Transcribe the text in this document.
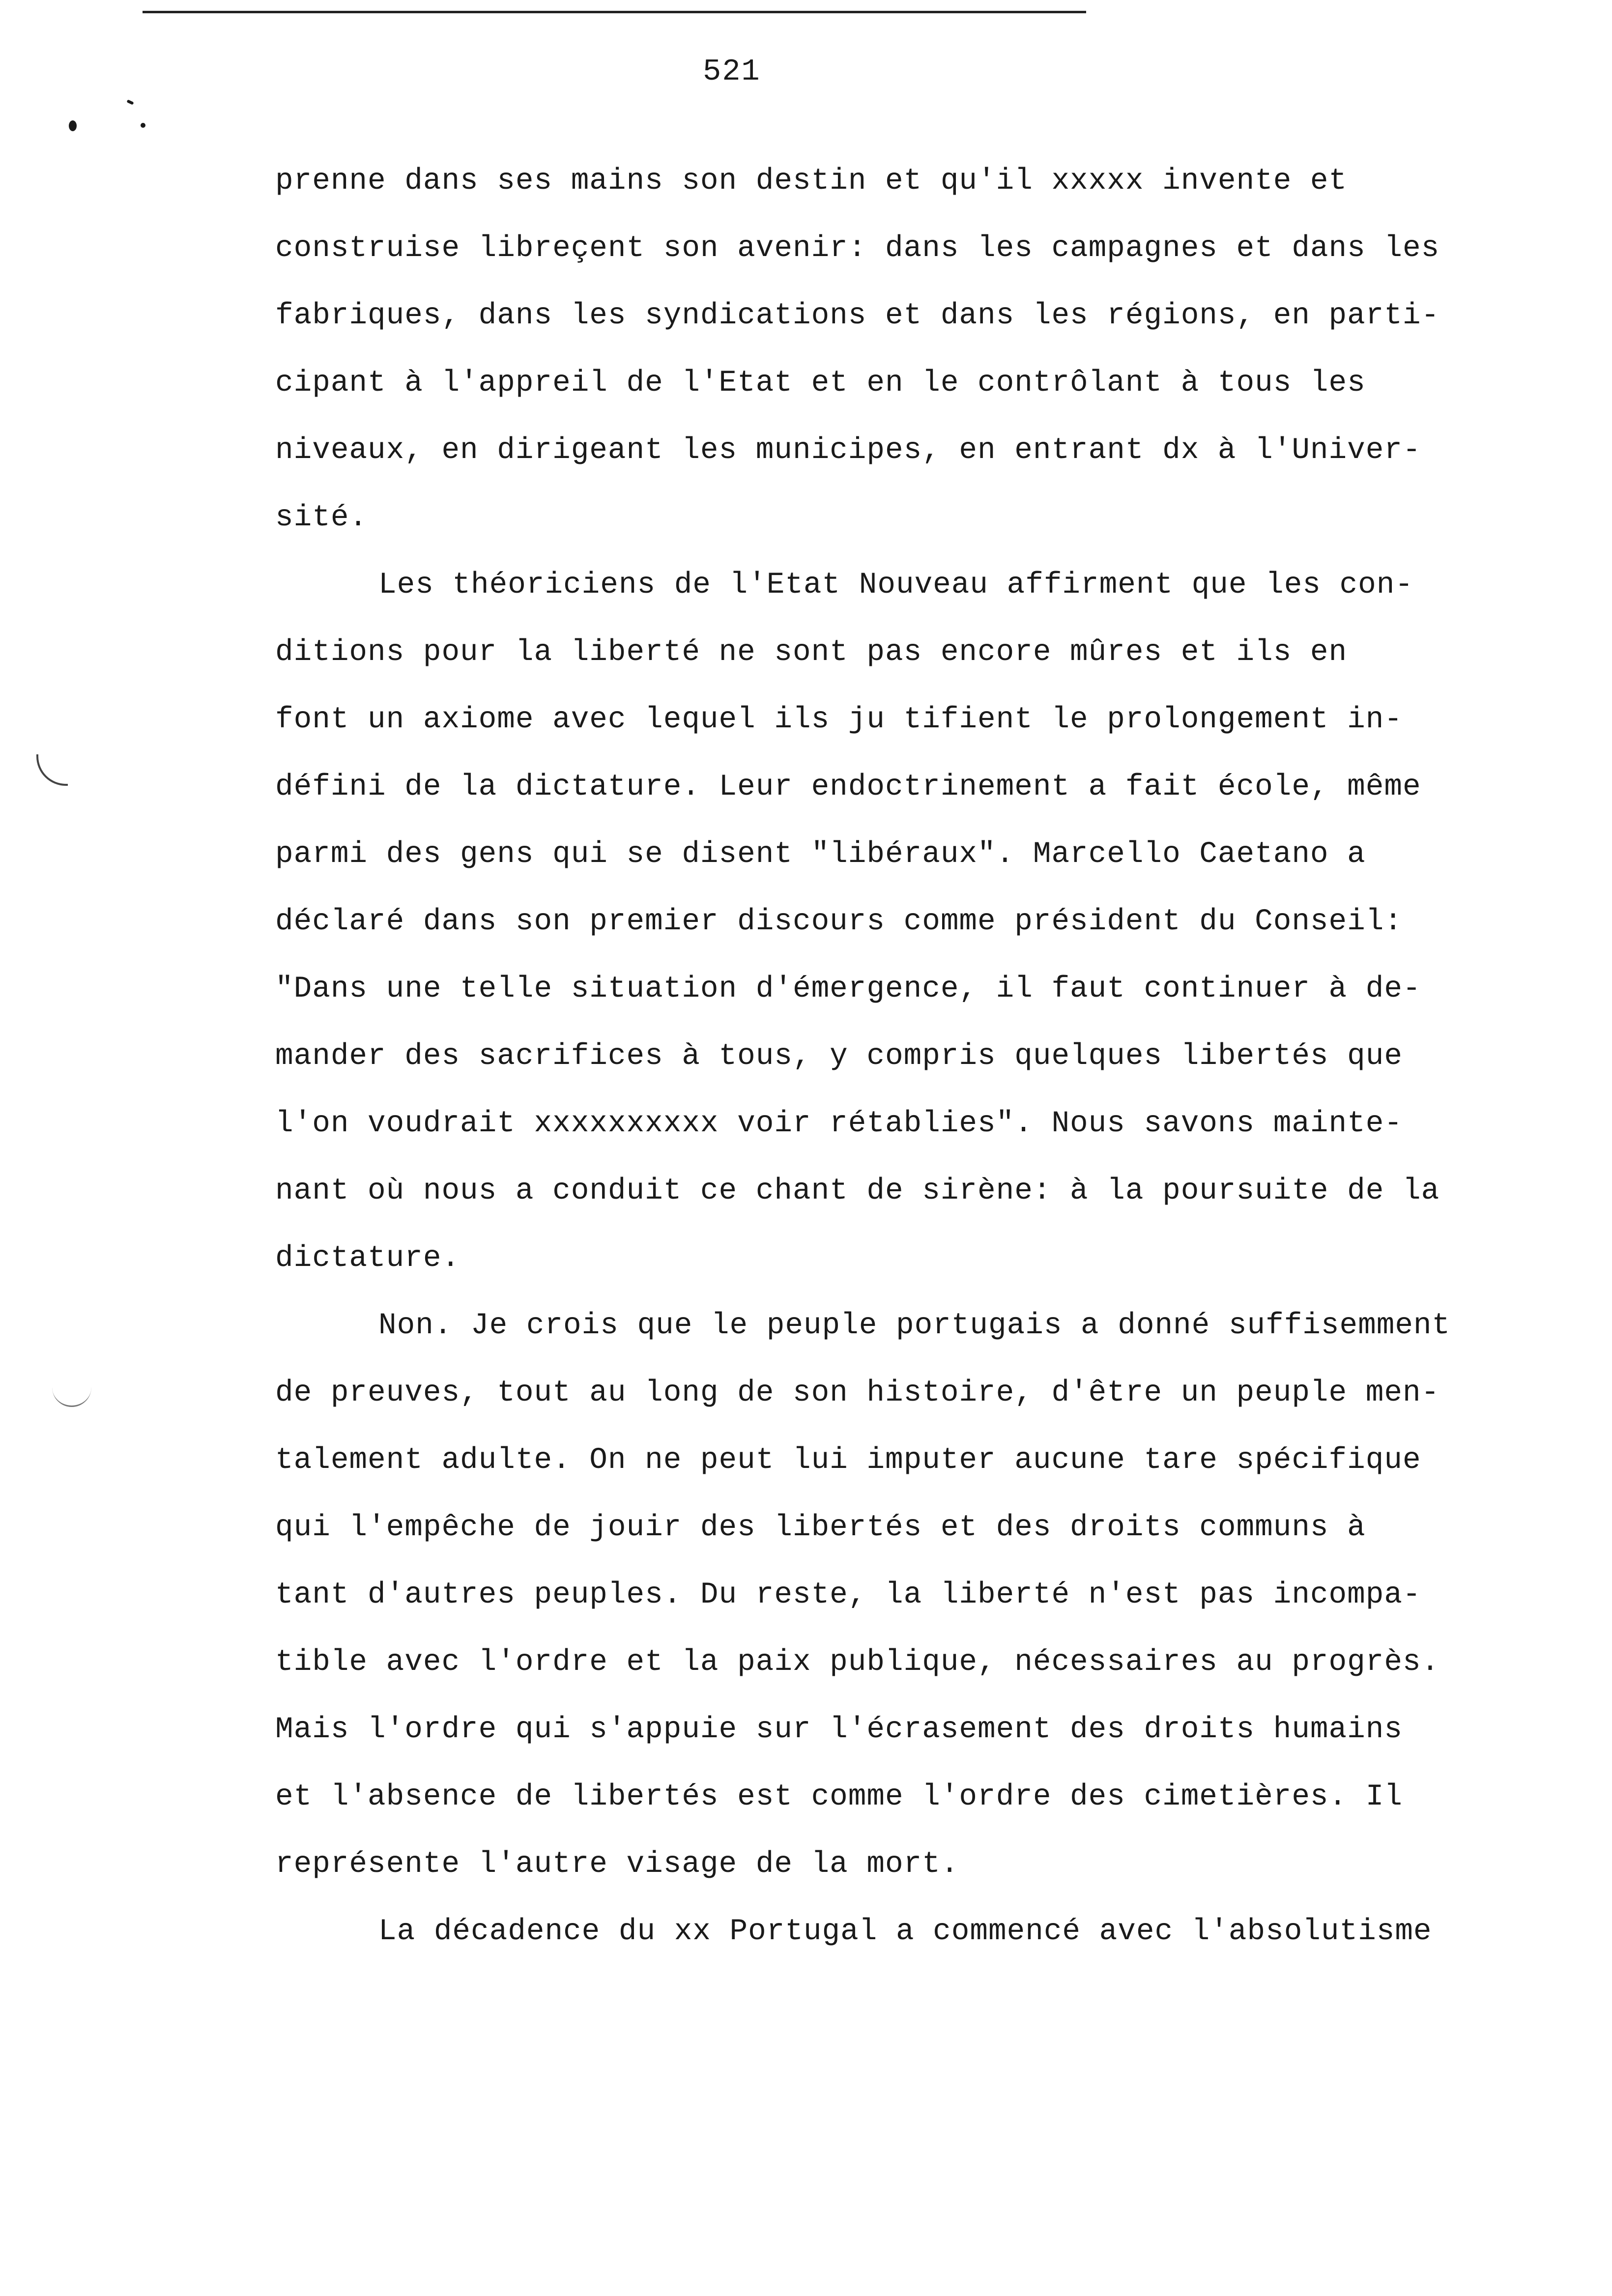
521
prenne dans ses mains son destin et qu'il xxxxx invente et
construise libreçent son avenir: dans les campagnes et dans les
fabriques, dans les syndications et dans les régions, en parti-
cipant à l'appreil de l'Etat et en le contrôlant à tous les
niveaux, en dirigeant les municipes, en entrant dx à l'Univer-
sité.
Les théoriciens de l'Etat Nouveau affirment que les con-
ditions pour la liberté ne sont pas encore mûres et ils en
font un axiome avec lequel ils ju tifient le prolongement in-
défini de la dictature. Leur endoctrinement a fait école, même
parmi des gens qui se disent "libéraux". Marcello Caetano a
déclaré dans son premier discours comme président du Conseil:
"Dans une telle situation d'émergence, il faut continuer à de-
mander des sacrifices à tous, y compris quelques libertés que
l'on voudrait xxxxxxxxxx voir rétablies". Nous savons mainte-
nant où nous a conduit ce chant de sirène: à la poursuite de la
dictature.
Non. Je crois que le peuple portugais a donné suffisemment
de preuves, tout au long de son histoire, d'être un peuple men-
talement adulte. On ne peut lui imputer aucune tare spécifique
qui l'empêche de jouir des libertés et des droits communs à
tant d'autres peuples. Du reste, la liberté n'est pas incompa-
tible avec l'ordre et la paix publique, nécessaires au progrès.
Mais l'ordre qui s'appuie sur l'écrasement des droits humains
et l'absence de libertés est comme l'ordre des cimetières. Il
représente l'autre visage de la mort.
La décadence du xx Portugal a commencé avec l'absolutisme
